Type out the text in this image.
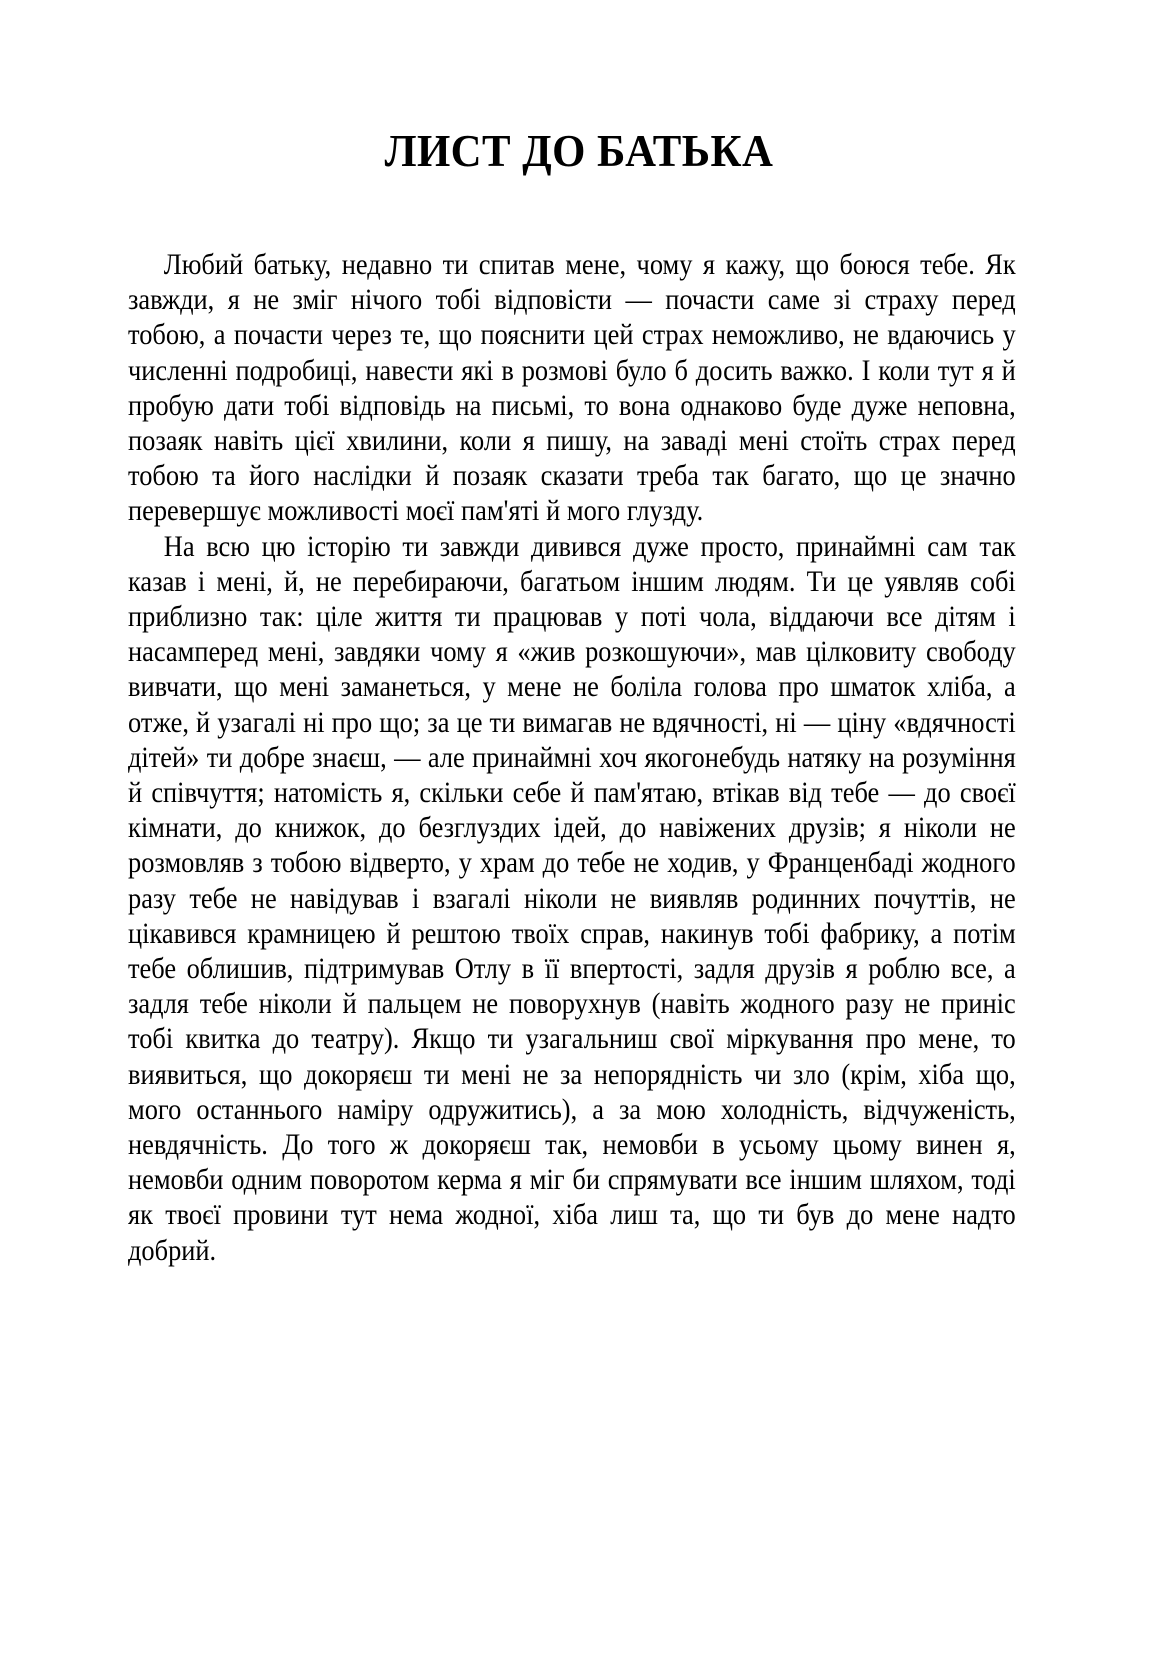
ЛИСТ ДО БАТЬКА

Любий батьку, недавно ти спитав мене, чому я кажу, що боюся тебе. Як завжди, я не зміг нічого тобі відповісти — почасти саме зі страху перед тобою, а почасти через те, що пояснити цей страх неможливо, не вдаючись у численні подробиці, навести які в розмові було б досить важко. І коли тут я й пробую дати тобі відповідь на письмі, то вона однаково буде дуже неповна, позаяк навіть цієї хвилини, коли я пишу, на заваді мені стоїть страх перед тобою та його наслідки й позаяк сказати треба так багато, що це значно перевершує можливості моєї пам'яті й мого глузду.

На всю цю історію ти завжди дивився дуже просто, принаймні сам так казав і мені, й, не перебираючи, багатьом іншим людям. Ти це уявляв собі приблизно так: ціле життя ти працював у поті чола, віддаючи все дітям і насамперед мені, завдяки чому я «жив розкошуючи», мав цілковиту свободу вивчати, що мені заманеться, у мене не боліла голова про шматок хліба, а отже, й узагалі ні про що; за це ти вимагав не вдячності, ні — ціну «вдячності дітей» ти добре знаєш, — але принаймні хоч якогонебудь натяку на розуміння й співчуття; натомість я, скільки себе й пам'ятаю, втікав від тебе — до своєї кімнати, до книжок, до безглуздих ідей, до навіжених друзів; я ніколи не розмовляв з тобою відверто, у храм до тебе не ходив, у Франценбаді жодного разу тебе не навідував і взагалі ніколи не виявляв родинних почуттів, не цікавився крамницею й рештою твоїх справ, накинув тобі фабрику, а потім тебе облишив, підтримував Отлу в її впертості, задля друзів я роблю все, а задля тебе ніколи й пальцем не поворухнув (навіть жодного разу не приніс тобі квитка до театру). Якщо ти узагальниш свої міркування про мене, то виявиться, що докоряєш ти мені не за непорядність чи зло (крім, хіба що, мого останнього наміру одружитись), а за мою холодність, відчуженість, невдячність. До того ж докоряєш так, немовби в усьому цьому винен я, немовби одним поворотом керма я міг би спрямувати все іншим шляхом, тоді як твоєї провини тут нема жодної, хіба лиш та, що ти був до мене надто добрий.
